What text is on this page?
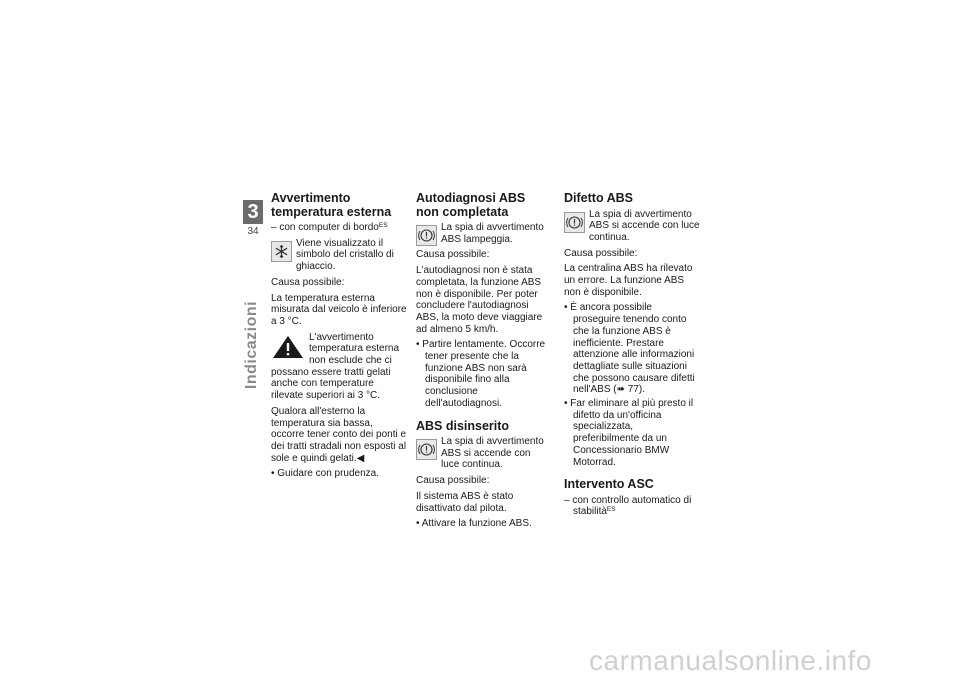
3
34
Indicazioni
Avvertimento temperatura esterna
– con computer di bordo$^{ES}$
Viene visualizzato il simbolo del cristallo di ghiaccio.

Causa possibile:

La temperatura esterna misurata dal veicolo è inferiore a 3 °C.

L'avvertimento temperatura esterna non esclude che ci possano essere tratti gelati anche con temperature rilevate superiori ai 3 °C.

Qualora all'esterno la temperatura sia bassa, occorre tener conto dei ponti e dei tratti stradali non esposti al sole e quindi gelati.◀

• Guidare con prudenza.
Autodiagnosi ABS non completata
La spia di avvertimento ABS lampeggia.

Causa possibile:

L'autodiagnosi non è stata completata, la funzione ABS non è disponibile. Per poter concludere l'autodiagnosi ABS, la moto deve viaggiare ad almeno 5 km/h.

• Partire lentamente. Occorre tener presente che la funzione ABS non sarà disponibile fino alla conclusione dell'autodiagnosi.
ABS disinserito
La spia di avvertimento ABS si accende con luce continua.

Causa possibile:

Il sistema ABS è stato disattivato dal pilota.

• Attivare la funzione ABS.
Difetto ABS
La spia di avvertimento ABS si accende con luce continua.

Causa possibile:

La centralina ABS ha rilevato un errore. La funzione ABS non è disponibile.

• È ancora possibile proseguire tenendo conto che la funzione ABS è inefficiente. Prestare attenzione alle informazioni dettagliate sulle situazioni che possono causare difetti nell'ABS (➠ 77).
• Far eliminare al più presto il difetto da un'officina specializzata, preferibilmente da un Concessionario BMW Motorrad.
Intervento ASC
– con controllo automatico di stabilità$^{ES}$
carmanualsonline.info
